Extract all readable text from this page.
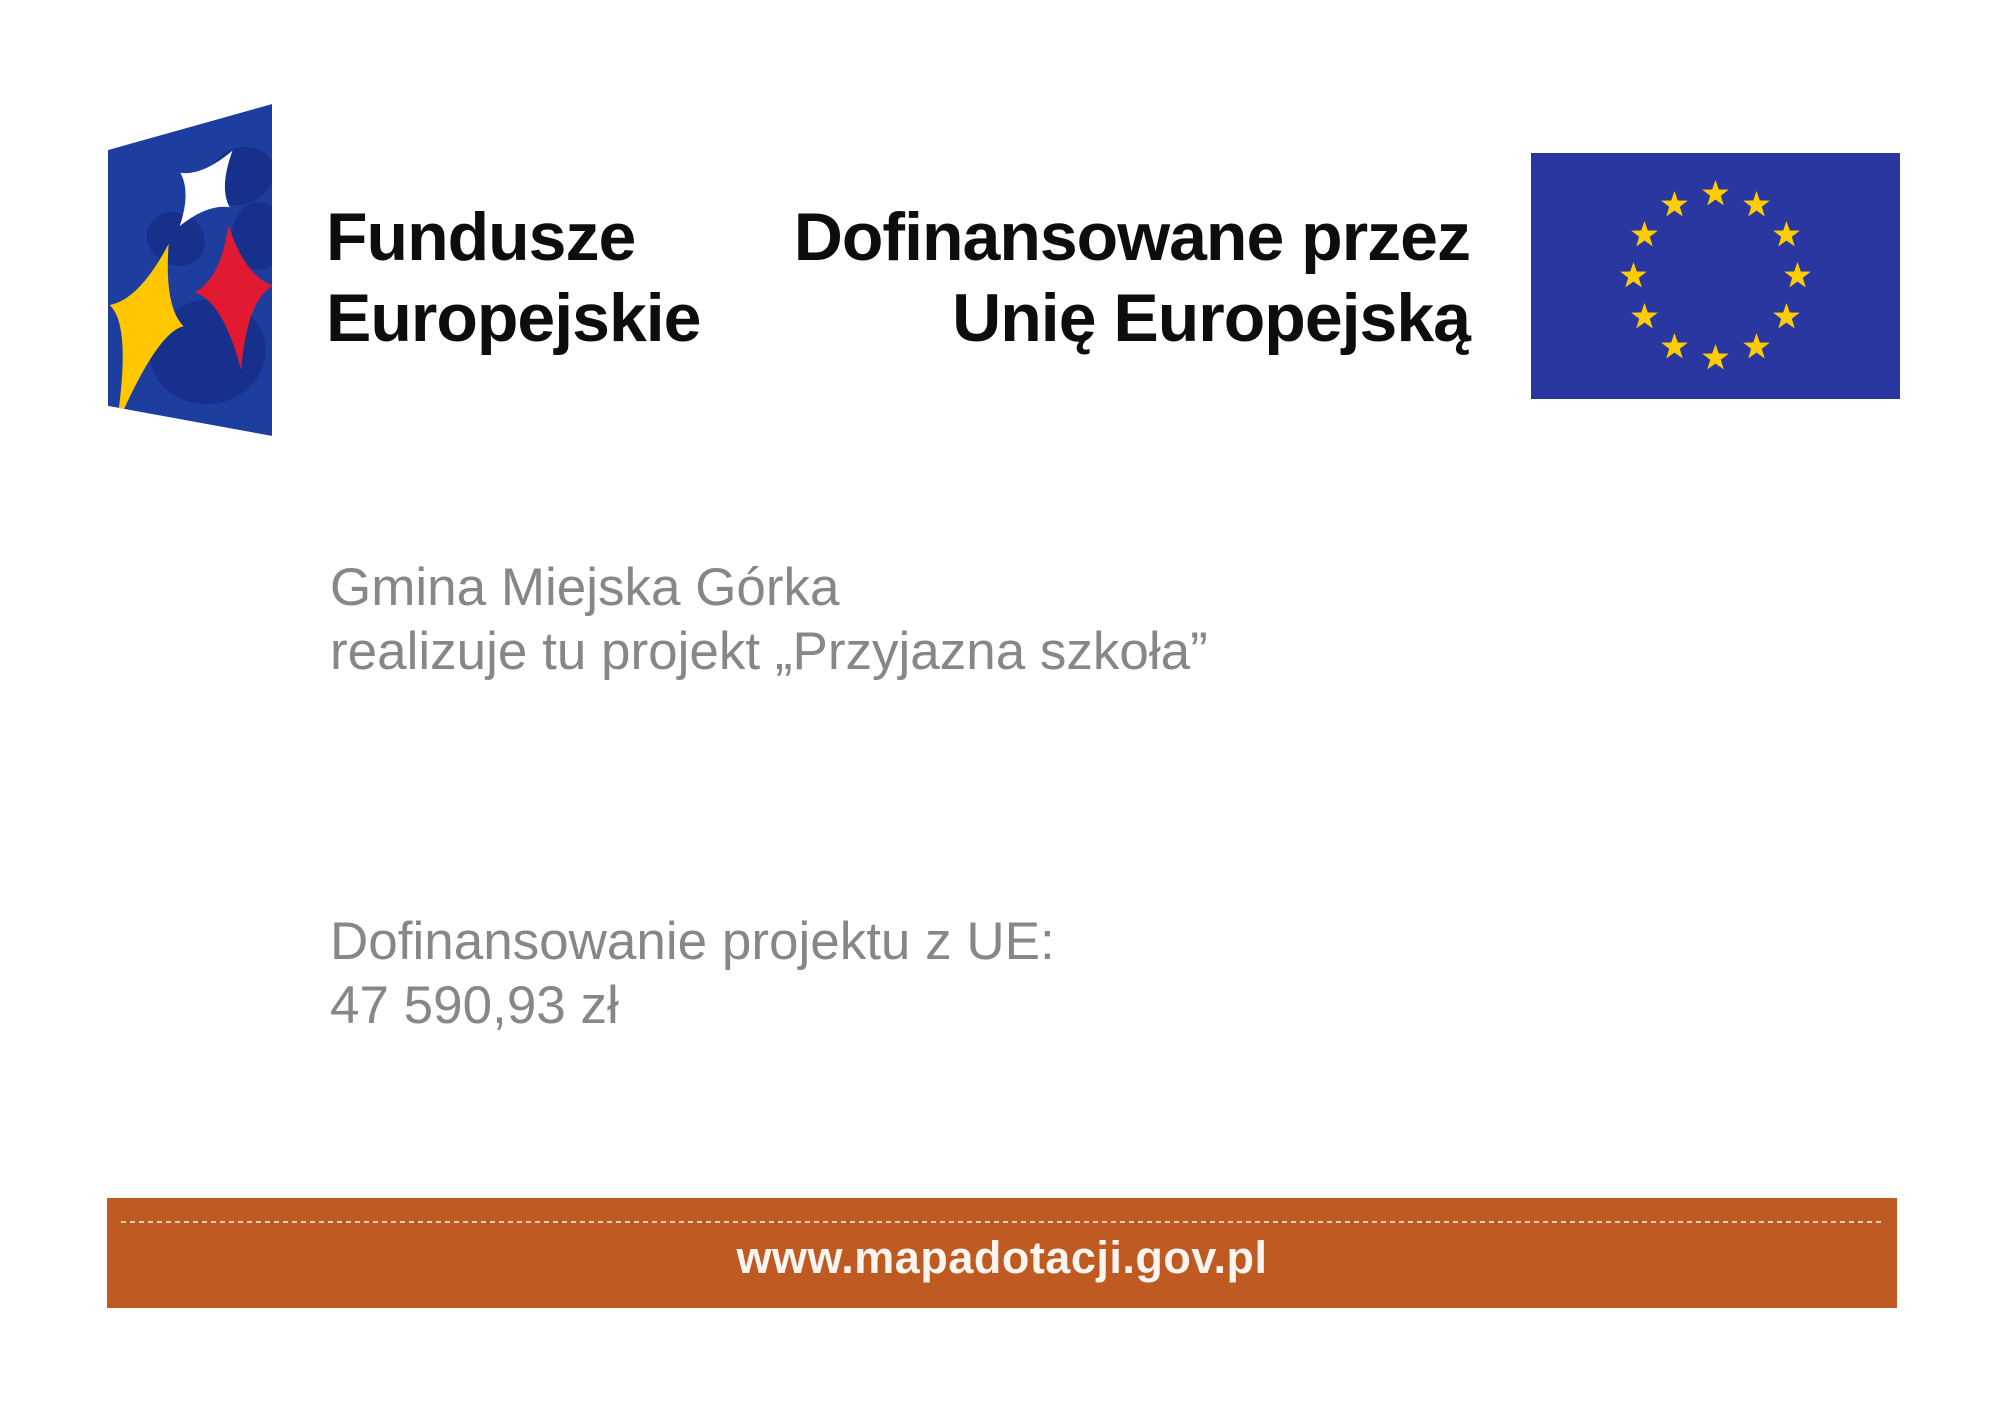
Fundusze
Europejskie
Dofinansowane przez
Unię Europejską
Gmina Miejska Górka
realizuje tu projekt „Przyjazna szkoła”
Dofinansowanie projektu z UE:
47 590,93 zł
www.mapadotacji.gov.pl
